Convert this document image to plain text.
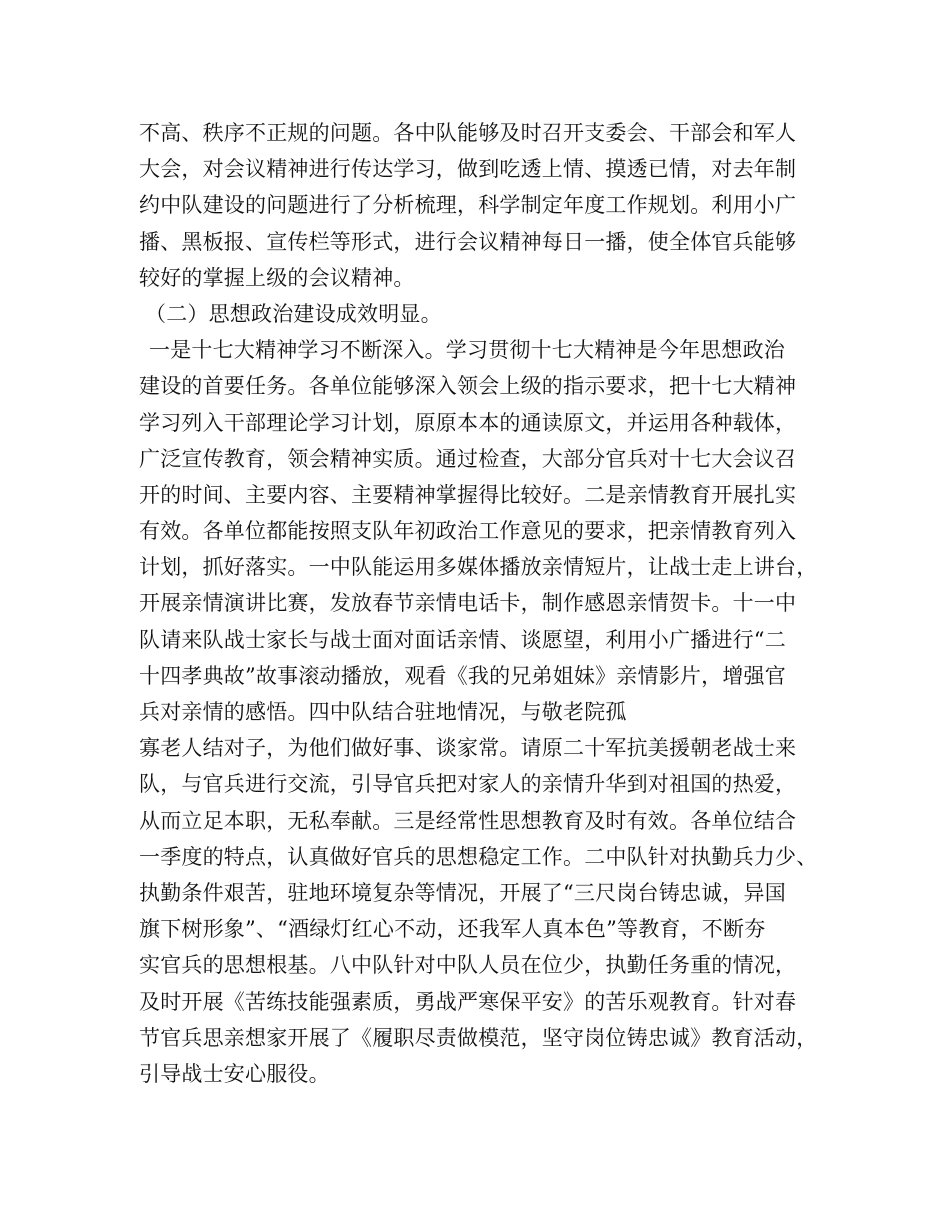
不高、秩序不正规的问题。各中队能够及时召开支委会、干部会和军人
大会，对会议精神进行传达学习，做到吃透上情、摸透已情，对去年制
约中队建设的问题进行了分析梳理，科学制定年度工作规划。利用小广
播、黑板报、宣传栏等形式，进行会议精神每日一播，使全体官兵能够
较好的掌握上级的会议精神。
（二）思想政治建设成效明显。
一是十七大精神学习不断深入。学习贯彻十七大精神是今年思想政治
建设的首要任务。各单位能够深入领会上级的指示要求，把十七大精神
学习列入干部理论学习计划，原原本本的通读原文，并运用各种载体，
广泛宣传教育，领会精神实质。通过检查，大部分官兵对十七大会议召
开的时间、主要内容、主要精神掌握得比较好。二是亲情教育开展扎实
有效。各单位都能按照支队年初政治工作意见的要求，把亲情教育列入
计划，抓好落实。一中队能运用多媒体播放亲情短片，让战士走上讲台，
开展亲情演讲比赛，发放春节亲情电话卡，制作感恩亲情贺卡。十一中
队请来队战士家长与战士面对面话亲情、谈愿望，利用小广播进行“二
十四孝典故”故事滚动播放，观看《我的兄弟姐妹》亲情影片，增强官
兵对亲情的感悟。四中队结合驻地情况，与敬老院孤
寡老人结对子，为他们做好事、谈家常。请原二十军抗美援朝老战士来
队，与官兵进行交流，引导官兵把对家人的亲情升华到对祖国的热爱，
从而立足本职，无私奉献。三是经常性思想教育及时有效。各单位结合
一季度的特点，认真做好官兵的思想稳定工作。二中队针对执勤兵力少、
执勤条件艰苦，驻地环境复杂等情况，开展了“三尺岗台铸忠诚，异国
旗下树形象”、“酒绿灯红心不动，还我军人真本色”等教育，不断夯
实官兵的思想根基。八中队针对中队人员在位少，执勤任务重的情况，
及时开展《苦练技能强素质，勇战严寒保平安》的苦乐观教育。针对春
节官兵思亲想家开展了《履职尽责做模范，坚守岗位铸忠诚》教育活动，
引导战士安心服役。
